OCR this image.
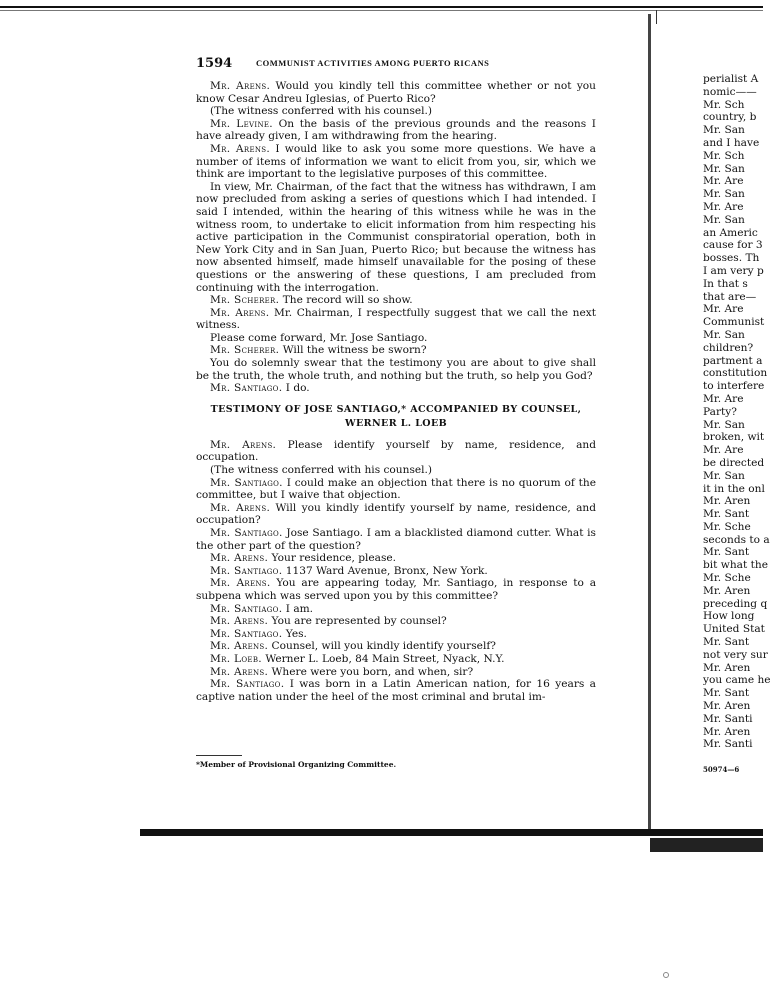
1594	COMMUNIST ACTIVITIES AMONG PUERTO RICANS

Mr. Arens. Would you kindly tell this committee whether or not you know Cesar Andreu Iglesias, of Puerto Rico?

(The witness conferred with his counsel.)

Mr. Levine. On the basis of the previous grounds and the reasons I have already given, I am withdrawing from the hearing.

Mr. Arens. I would like to ask you some more questions. We have a number of items of information we want to elicit from you, sir, which we think are important to the legislative purposes of this committee.

In view, Mr. Chairman, of the fact that the witness has withdrawn, I am now precluded from asking a series of questions which I had intended. I said I intended, within the hearing of this witness while he was in the witness room, to undertake to elicit information from him respecting his active participation in the Communist conspiratorial operation, both in New York City and in San Juan, Puerto Rico; but because the witness has now absented himself, made himself unavailable for the posing of these questions or the answering of these questions, I am precluded from continuing with the interrogation.

Mr. Scherer. The record will so show.

Mr. Arens. Mr. Chairman, I respectfully suggest that we call the next witness.

Please come forward, Mr. Jose Santiago.

Mr. Scherer. Will the witness be sworn?

You do solemnly swear that the testimony you are about to give shall be the truth, the whole truth, and nothing but the truth, so help you God?

Mr. Santiago. I do.

TESTIMONY OF JOSE SANTIAGO,* ACCOMPANIED BY COUNSEL,

WERNER L. LOEB

Mr. Arens. Please identify yourself by name, residence, and occupation.

(The witness conferred with his counsel.)

Mr. Santiago. I could make an objection that there is no quorum of the committee, but I waive that objection.

Mr. Arens. Will you kindly identify yourself by name, residence, and occupation?

Mr. Santiago. Jose Santiago. I am a blacklisted diamond cutter. What is the other part of the question?

Mr. Arens. Your residence, please.

Mr. Santiago. 1137 Ward Avenue, Bronx, New York.

Mr. Arens. You are appearing today, Mr. Santiago, in response to a subpena which was served upon you by this committee?

Mr. Santiago. I am.

Mr. Arens. You are represented by counsel?

Mr. Santiago. Yes.

Mr. Arens. Counsel, will you kindly identify yourself?

Mr. Loeb. Werner L. Loeb, 84 Main Street, Nyack, N.Y.

Mr. Arens. Where were you born, and when, sir?

Mr. Santiago. I was born in a Latin American nation, for 16 years a captive nation under the heel of the most criminal and brutal im-

*Member of Provisional Organizing Committee.
perialist A
nomic——
Mr. Sch
country, b
Mr. San
and I have
Mr. Sch
Mr. San
Mr. Are
Mr. San
Mr. Are
Mr. San
an Americ
cause for 3
bosses. Th
I am very p
In that s
that are—
Mr. Are
Communist
Mr. San
children?
partment a
constitution
to interfere
Mr. Are
Party?
Mr. San
broken, wit
Mr. Are
be directed
Mr. San
it in the onl
Mr. Aren
Mr. Sant
Mr. Sche
seconds to a
Mr. Sant
bit what the
Mr. Sche
Mr. Aren
preceding q
How long
United Stat
Mr. Sant
not very sur
Mr. Aren
you came he
Mr. Sant
Mr. Aren
Mr. Santi
Mr. Aren
Mr. Santi
50974—6
